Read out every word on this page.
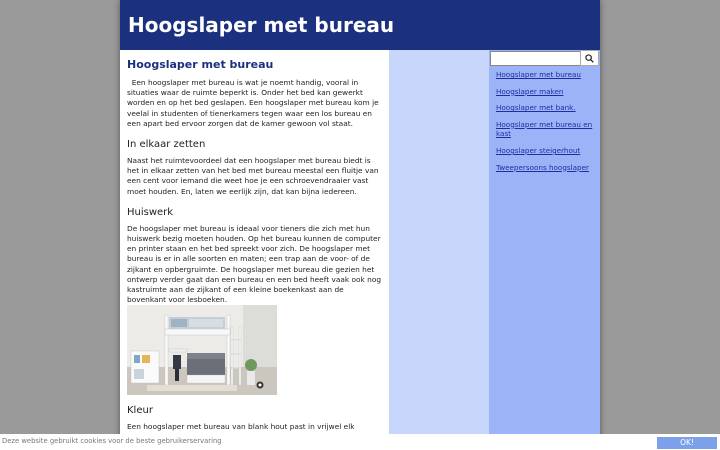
Hoogslaper met bureau
Hoogslaper met bureau

Een hoogslaper met bureau is wat je noemt handig, vooral in situaties waar de ruimte beperkt is. Onder het bed kan gewerkt worden en op het bed geslapen. Een hoogslaper met bureau kom je veelal in studenten of tienerkamers tegen waar een los bureau en een apart bed ervoor zorgen dat de kamer gewoon vol staat.

In elkaar zetten

Naast het ruimtevoordeel dat een hoogslaper met bureau biedt is het in elkaar zetten van het bed met bureau meestal een fluitje van een cent voor iemand die weet hoe je een schroevendraaier vast moet houden. En, laten we eerlijk zijn, dat kan bijna iedereen.

Huiswerk

De hoogslaper met bureau is ideaal voor tieners die zich met hun huiswerk bezig moeten houden. Op het bureau kunnen de computer en printer staan en het bed spreekt voor zich. De hoogslaper met bureau is er in alle soorten en maten; een trap aan de voor- of de zijkant en opbergruimte. De hoogslaper met bureau die gezien het ontwerp verder gaat dan een bureau en een bed heeft vaak ook nog kastruimte aan de zijkant of een kleine boekenkast aan de bovenkant voor lesboeken.

Kleur

Een hoogslaper met bureau van blank hout past in vrijwel elk

Hoogslaper met bureau
Hoogslaper maken
Hoogslaper met bank.
Hoogslaper met bureau en kast
Hoogslaper steigerhout
Tweepersoons hoogslaper
Deze website gebruikt cookies voor de beste gebruikerservaring	OK!
